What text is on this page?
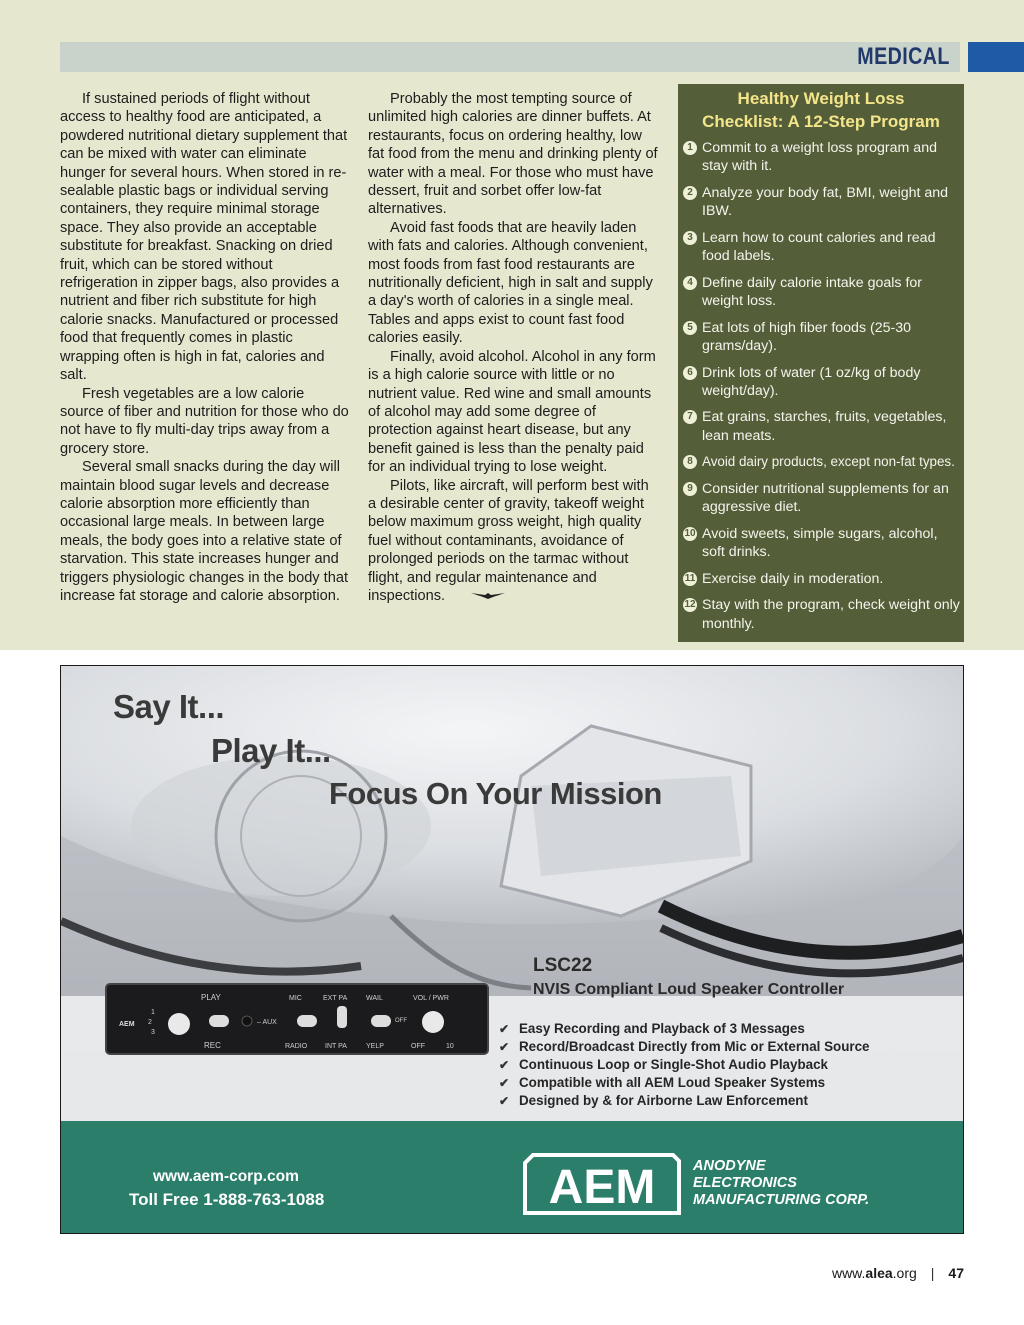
MEDICAL

If sustained periods of flight without access to healthy food are anticipated, a powdered nutritional dietary supplement that can be mixed with water can eliminate hunger for several hours. When stored in re-sealable plastic bags or individual serving containers, they require minimal storage space. They also provide an acceptable substitute for breakfast. Snacking on dried fruit, which can be stored without refrigeration in zipper bags, also provides a nutrient and fiber rich substitute for high calorie snacks. Manufactured or processed food that frequently comes in plastic wrapping often is high in fat, calories and salt.

Fresh vegetables are a low calorie source of fiber and nutrition for those who do not have to fly multi-day trips away from a grocery store.

Several small snacks during the day will maintain blood sugar levels and decrease calorie absorption more efficiently than occasional large meals. In between large meals, the body goes into a relative state of starvation. This state increases hunger and triggers physiologic changes in the body that increase fat storage and calorie absorption.

Probably the most tempting source of unlimited high calories are dinner buffets. At restaurants, focus on ordering healthy, low fat food from the menu and drinking plenty of water with a meal. For those who must have dessert, fruit and sorbet offer low-fat alternatives.

Avoid fast foods that are heavily laden with fats and calories. Although convenient, most foods from fast food restaurants are nutritionally deficient, high in salt and supply a day's worth of calories in a single meal. Tables and apps exist to count fast food calories easily.

Finally, avoid alcohol. Alcohol in any form is a high calorie source with little or no nutrient value. Red wine and small amounts of alcohol may add some degree of protection against heart disease, but any benefit gained is less than the penalty paid for an individual trying to lose weight.

Pilots, like aircraft, will perform best with a desirable center of gravity, takeoff weight below maximum gross weight, high quality fuel without contaminants, avoidance of prolonged periods on the tarmac without flight, and regular maintenance and inspections.

Healthy Weight Loss
Checklist: A 12-Step Program
1 Commit to a weight loss program and stay with it.
2 Analyze your body fat, BMI, weight and IBW.
3 Learn how to count calories and read food labels.
4 Define daily calorie intake goals for weight loss.
5 Eat lots of high fiber foods (25-30 grams/day).
6 Drink lots of water (1 oz/kg of body weight/day).
7 Eat grains, starches, fruits, vegetables, lean meats.
8 Avoid dairy products, except non-fat types.
9 Consider nutritional supplements for an aggressive diet.
10 Avoid sweets, simple sugars, alcohol, soft drinks.
11 Exercise daily in moderation.
12 Stay with the program, check weight only monthly.
AEM
PLAY
REC
1
2
3
– AUX
MIC
RADIO
EXT PA
INT PA
WAIL
YELP
OFF
VOL / PWR
OFF	10
Say It...
Play It...
Focus On Your Mission
LSC22
NVIS Compliant Loud Speaker Controller
✔ Easy Recording and Playback of 3 Messages
✔ Record/Broadcast Directly from Mic or External Source
✔ Continuous Loop or Single-Shot Audio Playback
✔ Compatible with all AEM Loud Speaker Systems
✔ Designed by & for Airborne Law Enforcement
www.aem-corp.com
Toll Free 1-888-763-1088	AEM	ANODYNE
ELECTRONICS
MANUFACTURING CORP.
www.alea.org | 47
